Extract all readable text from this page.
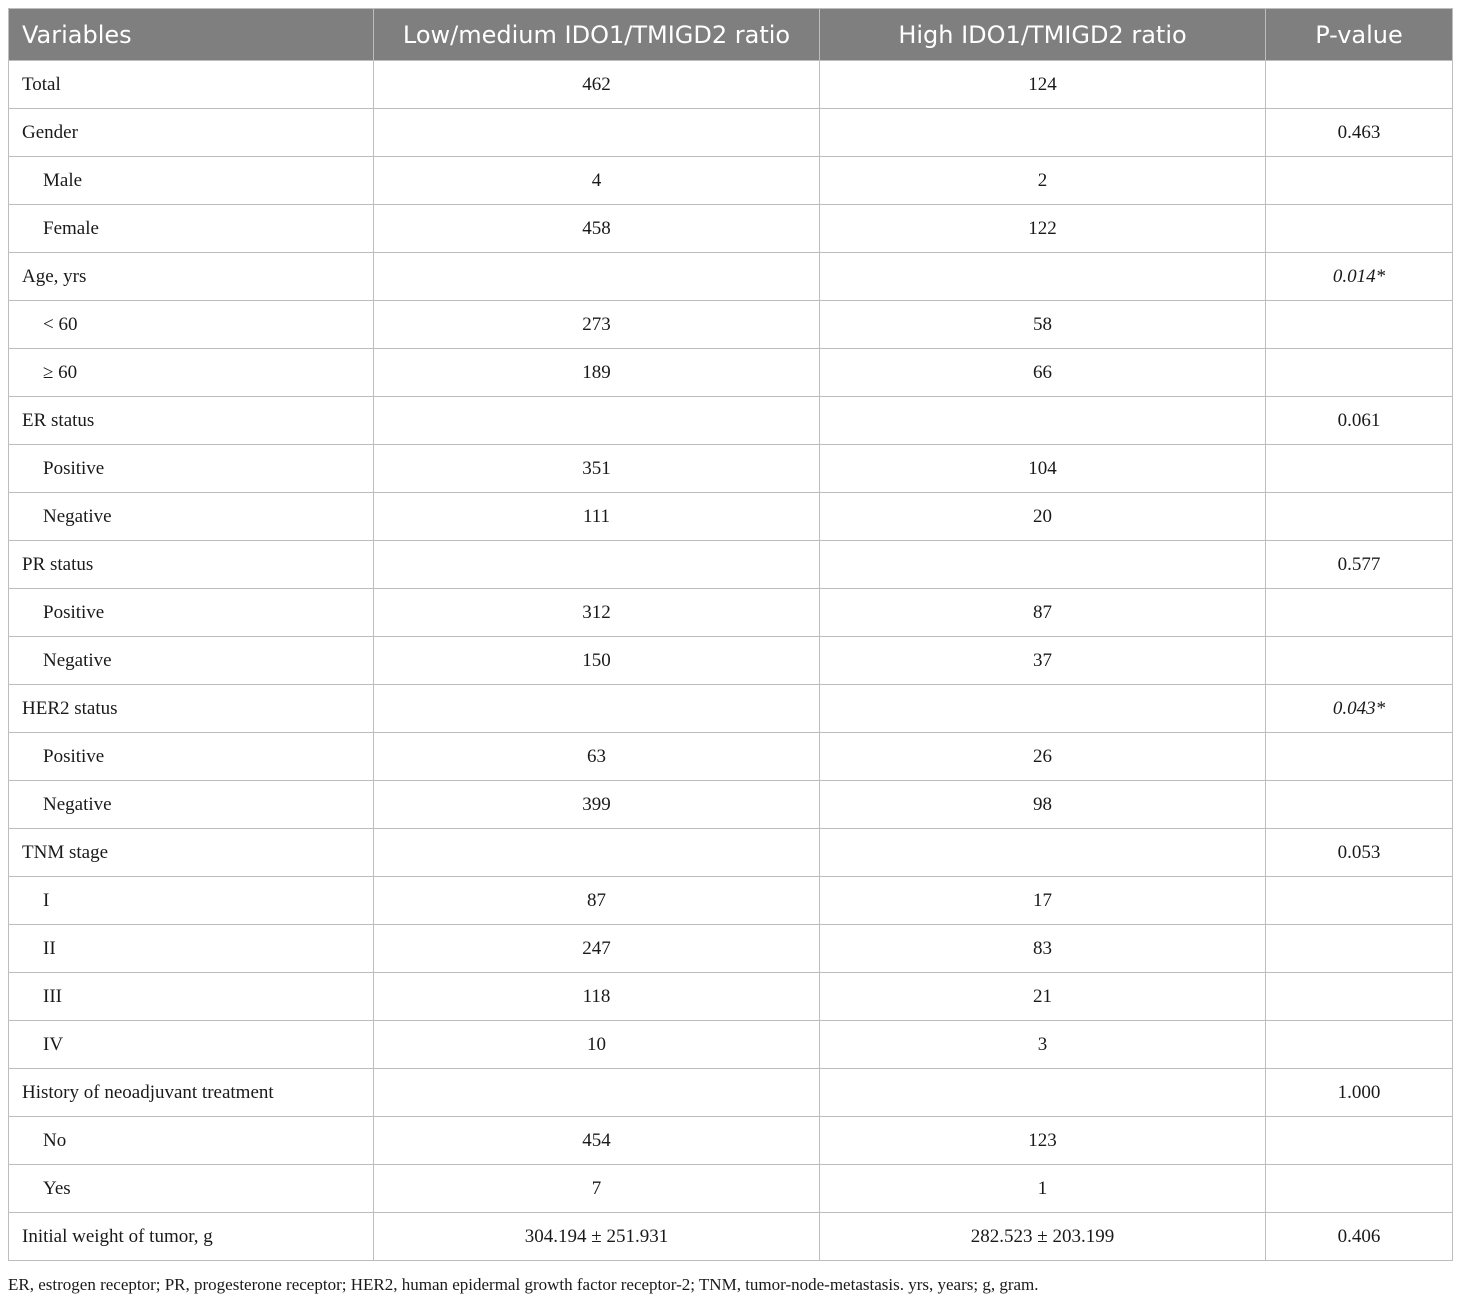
Variables	Low/medium IDO1/TMIGD2 ratio	High IDO1/TMIGD2 ratio	P-value
Total	462	124	
Gender			0.463
Male	4	2	
Female	458	122	
Age, yrs			0.014*
< 60	273	58	
≥ 60	189	66	
ER status			0.061
Positive	351	104	
Negative	111	20	
PR status			0.577
Positive	312	87	
Negative	150	37	
HER2 status			0.043*
Positive	63	26	
Negative	399	98	
TNM stage			0.053
I	87	17	
II	247	83	
III	118	21	
IV	10	3	
History of neoadjuvant treatment			1.000
No	454	123	
Yes	7	1	
Initial weight of tumor, g	304.194 ± 251.931	282.523 ± 203.199	0.406
ER, estrogen receptor; PR, progesterone receptor; HER2, human epidermal growth factor receptor-2; TNM, tumor-node-metastasis. yrs, years; g, gram.
